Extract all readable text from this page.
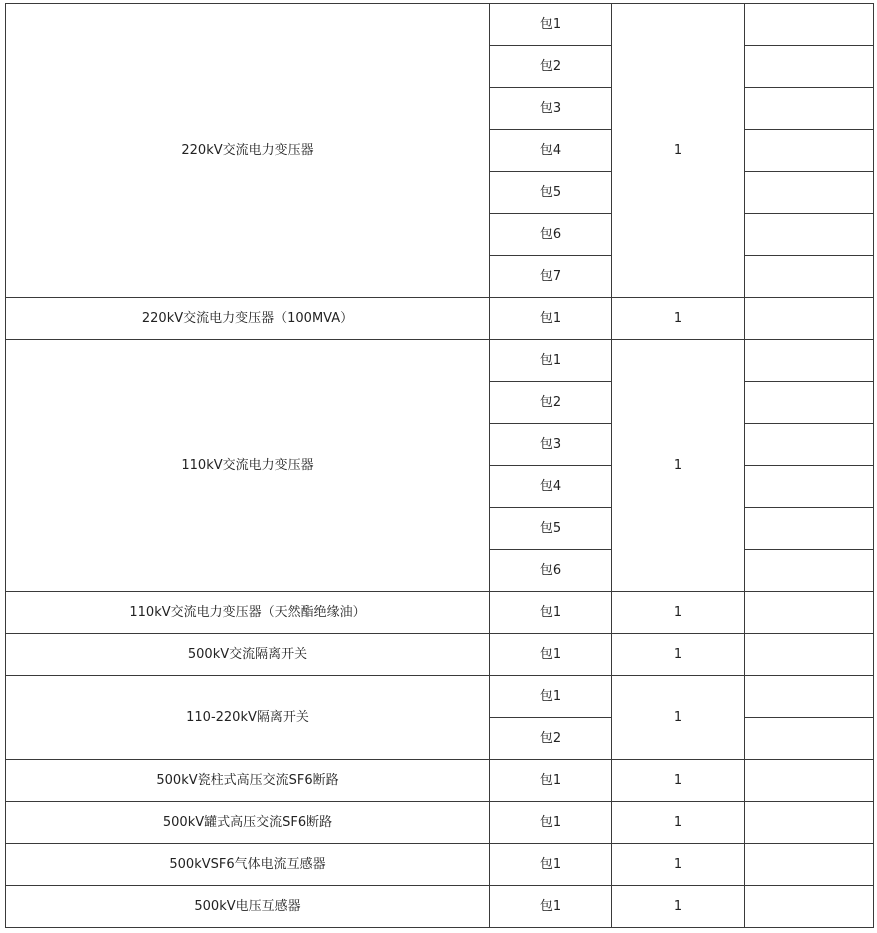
220kV交流电力变压器	包1	1	
	包2		
	包3		
	包4		
	包5		
	包6		
	包7		
220kV交流电力变压器（100MVA）	包1	1	
110kV交流电力变压器	包1	1	
	包2		
	包3		
	包4		
	包5		
	包6		
110kV交流电力变压器（天然酯绝缘油）	包1	1	
500kV交流隔离开关	包1	1	
110-220kV隔离开关	包1	1	
	包2		
500kV瓷柱式高压交流SF6断路	包1	1	
500kV罐式高压交流SF6断路	包1	1	
500kVSF6气体电流互感器	包1	1	
500kV电压互感器	包1	1	
